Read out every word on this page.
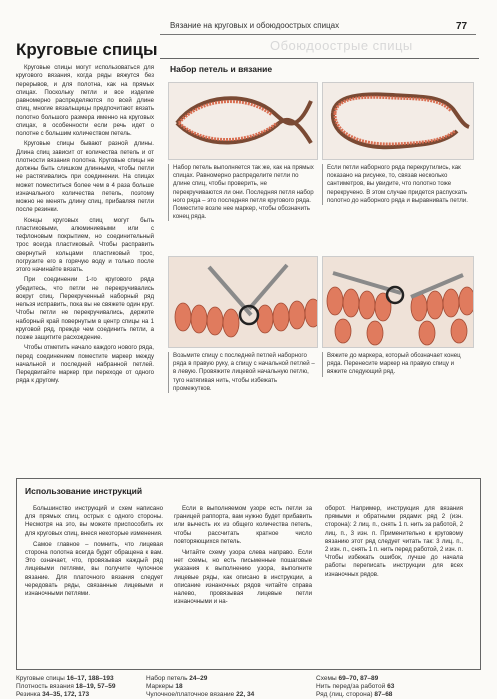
Вязание на круговых и обоюдоострых спицах	77
Обоюдоострые спицы
Круговые спицы

Круговые спицы могут использоваться для кругового вязания, когда ряды вяжутся без перерывов, и для полотна, как на прямых спицах. Поскольку петли и все изделие равномерно распределяются по всей длине спиц, многие вязальщицы предпочитают вязать полотно большого размера именно на круговых спицах, в особенности если речь идет о полотне с большим количеством петель.

Круговые спицы бывают разной длины. Длина спиц зависит от количества петель и от плотности вязания полотна. Круговые спицы не должны быть слишком длинными, чтобы петли не растягивались при соединении. На спицах может поместиться более чем в 4 раза больше изначального количества петель, поэтому можно не менять длину спиц, прибавляя петли после резинки.

Концы круговых спиц могут быть пластиковыми, алюминиевыми или с тефлоновым покрытием, но соединительный трос всегда пластиковый. Чтобы расправить свернутый кольцами пластиковый трос, погрузите его в горячую воду и только после этого начинайте вязать.

При соединении 1-го кругового ряда убедитесь, что петли не перекручивались вокруг спиц. Перекрученный наборный ряд нельзя исправить, пока вы не свяжете один круг. Чтобы петли не перекручивались, держите наборный край повернутым в центр спицы на 1 круговой ряд, прежде чем соединить петли, а позже защитите расхождение.

Чтобы отметить начало каждого нового ряда, перед соединением поместите маркер между начальной и последней набранной петлей. Передвигайте маркер при переходе от одного ряда к другому.

Набор петель и вязание
Набор петель выполняется так же, как на прямых спицах. Равномерно распределите петли по длине спиц, чтобы проверить, не перекручиваются ли они. Последняя петля набор ного ряда – это последняя петля кругового ряда. Поместите возле нее маркер, чтобы обозначить конец ряда.
Если петли наборного ряда перекрутились, как показано на рисунке, то, связав несколько сантиметров, вы увидите, что полотно тоже перекручено. В этом случае придется распускать полотно до наборного ряда и выравнивать петли.
Возьмите спицу с последней петлей наборного ряда в правую руку, а спицу с начальной петлей – в левую. Провяжите лицевой начальную петлю, туго натягивая нить, чтобы избежать промежутков.
Вяжите до маркера, который обозначает конец ряда. Перенесите маркер на правую спицу и вяжите следующий ряд.
Использование инструкций

Большинство инструкций и схем написано для прямых спиц, острых с одного стороны. Несмотря на это, вы можете приспособить их для круговых спиц, внеся некоторые изменения.

Самое главное – помнить, что лицевая сторона полотна всегда будет обращена к вам. Это означает, что, провязывая каждый ряд лицевыми петлями, вы получите чулочное вязание. Для платочного вязания следует чередовать ряды, связанные лицевыми и изнаночными петлями.

Если в выполняемом узоре есть петли за границей раппорта, вам нужно будет прибавить или вычесть их из общего количества петель, чтобы рассчитать кратное число повторяющихся петель.

Читайте схему узора слева направо. Если нет схемы, но есть письменные пошаговые указания к выполнению узора, выполните лицевые ряды, как описано в инструкции, а описание изнаночных рядов читайте справа налево, провязывая лицевые петли изнаночными и на-

оборот. Например, инструкция для вязания прямыми и обратными рядами: ряд 2 (изн. сторона): 2 лиц. п., снять 1 п. нить за работой, 2 лиц. п., 3 изн. п. Применительно к круговому вязанию этот ряд следует читать так: 3 лиц. п., 2 изн. п., снять 1 п. нить перед работой, 2 изн. п. Чтобы избежать ошибок, лучше до начала работы переписать инструкции для всех изнаночных рядов.

Круговые спицы 16–17, 188–193
Плотность вязания 18–19, 57–59
Резинка 34–35, 172, 173
Набор петель 24–29
Маркеры 18
Чулочное/платочное вязание 22, 34
Схемы 69–70, 87–89
Нить перед/за работой 63
Ряд (лиц. сторона) 87–68
